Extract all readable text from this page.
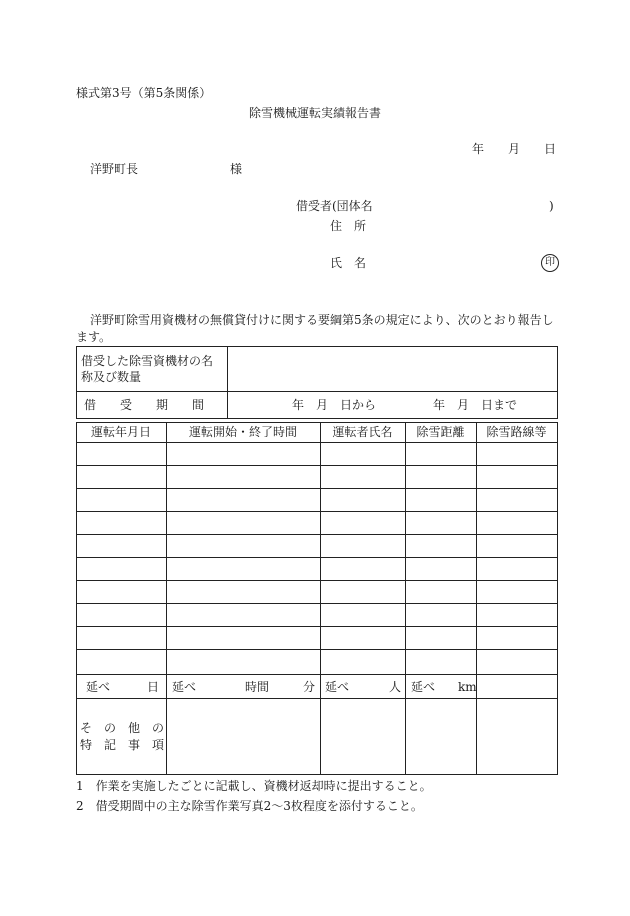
様式第3号（第5条関係）
除雪機械運転実績報告書
年　　月　　日
洋野町長	様
借受者(団体名	)
住　所
氏　名	印
洋野町除雪用資機材の無償貸付けに関する要綱第5条の規定により、次のとおり報告し
ます。
借受した除雪資機材の名
称及び数量
借　　受　　期　　間	年　月　日から	年　月　日まで
運転年月日	運転開始・終了時間	運転者氏名	除雪距離	除雪路線等
延べ	日 延べ	時間	分 延べ	人 延べ km
そ　の　他　の
特　記　事　項
1　作業を実施したごとに記載し、資機材返却時に提出すること。
2　借受期間中の主な除雪作業写真2～3枚程度を添付すること。
